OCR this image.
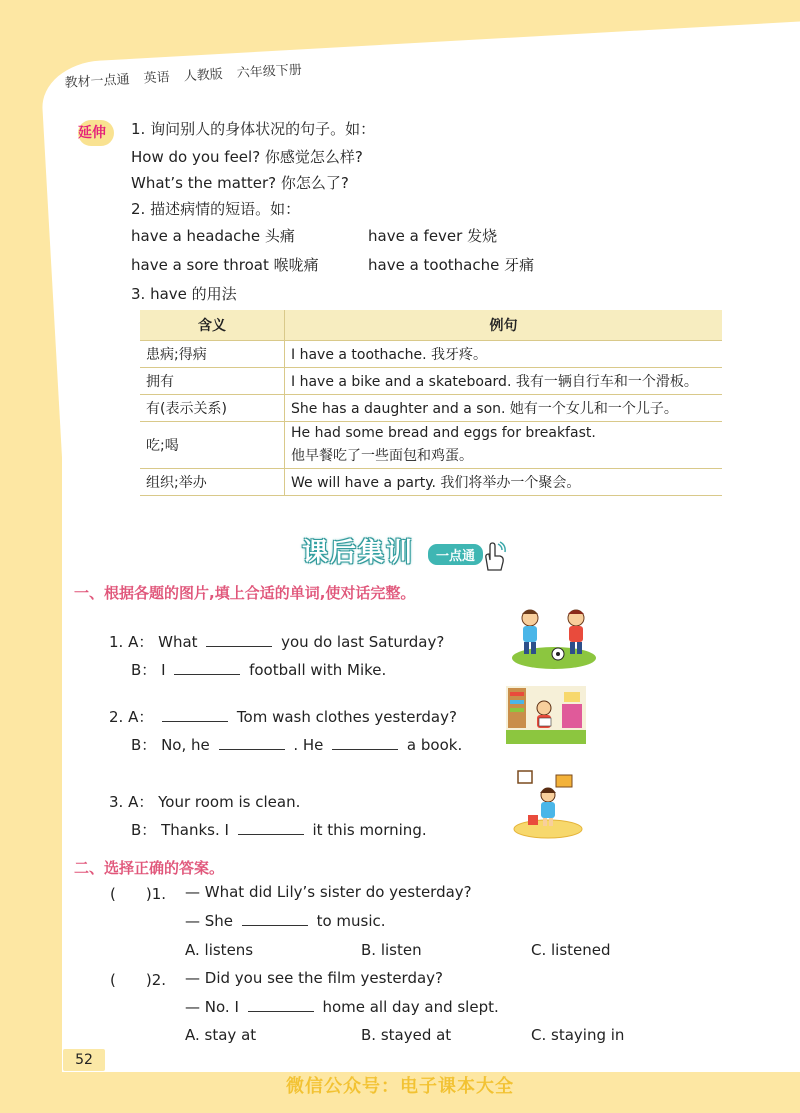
教材一点通 英语 人教版 六年级下册
延伸 1. 询问别人的身体状况的句子。如：
How do you feel? 你感觉怎么样?
What’s the matter? 你怎么了?
2. 描述病情的短语。如：
have a headache 头痛	have a fever 发烧
have a sore throat 喉咙痛	have a toothache 牙痛
3. have 的用法
含义	例句
患病;得病	I have a toothache. 我牙疼。
拥有	I have a bike and a skateboard. 我有一辆自行车和一个滑板。
有(表示关系)	She has a daughter and a son. 她有一个女儿和一个儿子。
吃;喝	He had some bread and eggs for breakfast.
他早餐吃了一些面包和鸡蛋。

组织;举办	We will have a party. 我们将举办一个聚会。
课后集训	一点通
一、根据各题的图片,填上合适的单词,使对话完整。
1. A： What	you do last Saturday?
B： I	football with Mike.
2. A：	Tom wash clothes yesterday?
B： No, he	. He	a book.
3. A： Your room is clean.
B： Thanks. I	it this morning.
二、选择正确的答案。
(　　)1. — What did Lily’s sister do yesterday?
— She	to music.
A. listens	B. listen	C. listened
(　　)2. — Did you see the film yesterday?
— No. I	home all day and slept.
A. stay at	B. stayed at	C. staying in
52
微信公众号：电子课本大全
